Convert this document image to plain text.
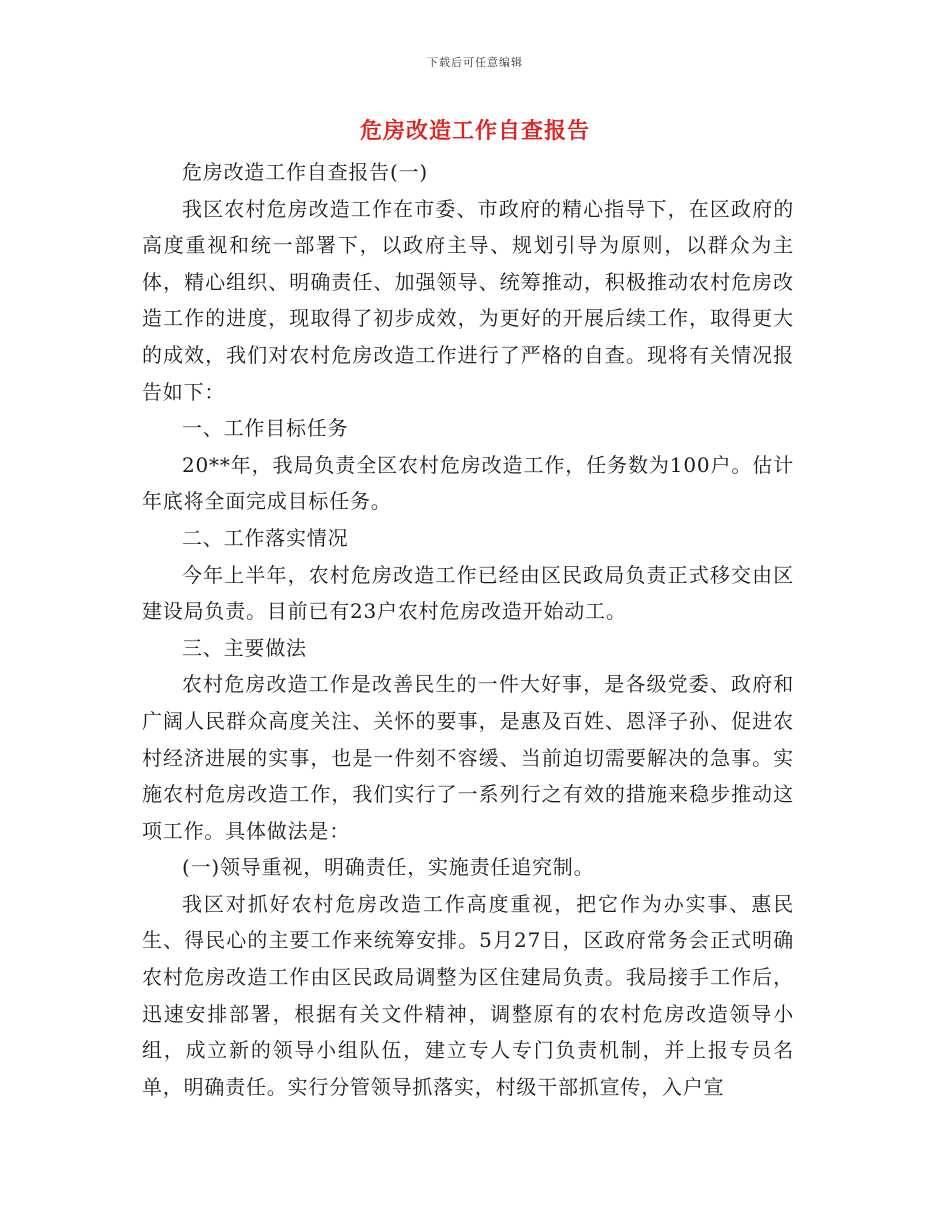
下载后可任意编辑
危房改造工作自查报告

危房改造工作自查报告(一)

我区农村危房改造工作在市委、市政府的精心指导下，在区政府的高度重视和统一部署下，以政府主导、规划引导为原则，以群众为主体，精心组织、明确责任、加强领导、统筹推动，积极推动农村危房改造工作的进度，现取得了初步成效，为更好的开展后续工作，取得更大的成效，我们对农村危房改造工作进行了严格的自查。现将有关情况报告如下：

一、工作目标任务

20**年，我局负责全区农村危房改造工作，任务数为100户。估计年底将全面完成目标任务。

二、工作落实情况

今年上半年，农村危房改造工作已经由区民政局负责正式移交由区建设局负责。目前已有23户农村危房改造开始动工。

三、主要做法

农村危房改造工作是改善民生的一件大好事，是各级党委、政府和广阔人民群众高度关注、关怀的要事，是惠及百姓、恩泽子孙、促进农村经济进展的实事，也是一件刻不容缓、当前迫切需要解决的急事。实施农村危房改造工作，我们实行了一系列行之有效的措施来稳步推动这项工作。具体做法是：

(一)领导重视，明确责任，实施责任追究制。

我区对抓好农村危房改造工作高度重视，把它作为办实事、惠民生、得民心的主要工作来统筹安排。5月27日，区政府常务会正式明确农村危房改造工作由区民政局调整为区住建局负责。我局接手工作后，迅速安排部署，根据有关文件精神，调整原有的农村危房改造领导小组，成立新的领导小组队伍，建立专人专门负责机制，并上报专员名单，明确责任。实行分管领导抓落实，村级干部抓宣传，入户宣
